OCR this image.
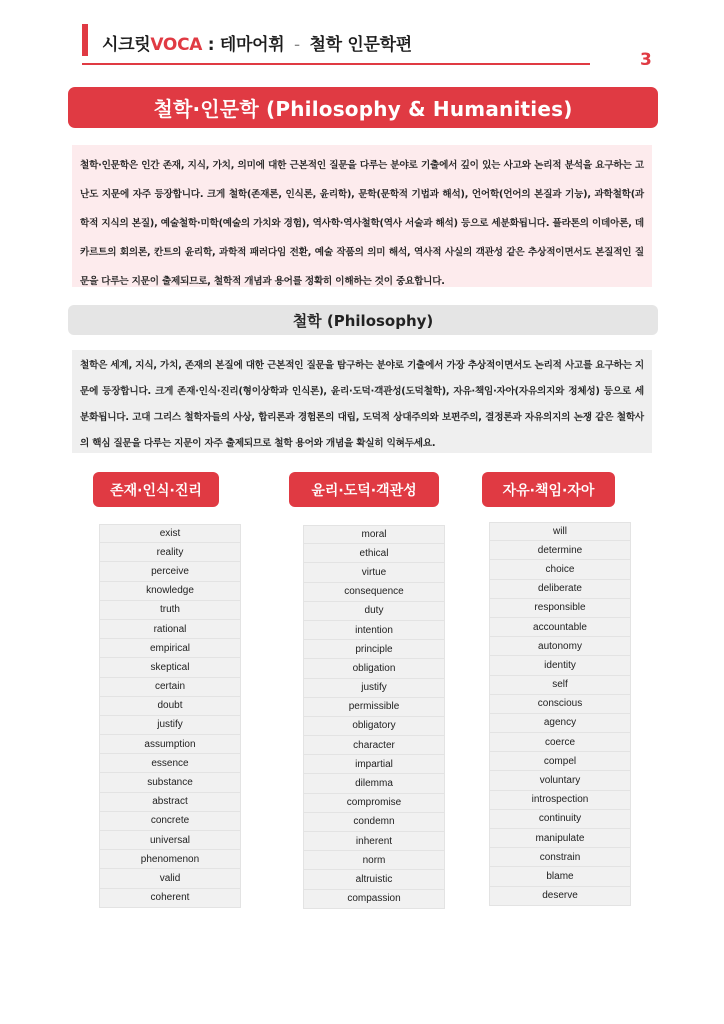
시크릿VOCA : 테마어휘 - 철학 인문학편
3
철학·인문학 (Philosophy & Humanities)

철학·인문학은 인간 존재, 지식, 가치, 의미에 대한 근본적인 질문을 다루는 분야로 기출에서 깊이 있는 사고와 논리적 분석을 요구하는 고난도 지문에 자주 등장합니다. 크게 철학(존재론, 인식론, 윤리학), 문학(문학적 기법과 해석), 언어학(언어의 본질과 기능), 과학철학(과학적 지식의 본질), 예술철학·미학(예술의 가치와 경험), 역사학·역사철학(역사 서술과 해석) 등으로 세분화됩니다. 플라톤의 이데아론, 데카르트의 회의론, 칸트의 윤리학, 과학적 패러다임 전환, 예술 작품의 의미 해석, 역사적 사실의 객관성 같은 추상적이면서도 본질적인 질문을 다루는 지문이 출제되므로, 철학적 개념과 용어를 정확히 이해하는 것이 중요합니다.

철학 (Philosophy)

철학은 세계, 지식, 가치, 존재의 본질에 대한 근본적인 질문을 탐구하는 분야로 기출에서 가장 추상적이면서도 논리적 사고를 요구하는 지문에 등장합니다. 크게 존재·인식·진리(형이상학과 인식론), 윤리·도덕·객관성(도덕철학), 자유·책임·자아(자유의지와 정체성) 등으로 세분화됩니다. 고대 그리스 철학자들의 사상, 합리론과 경험론의 대립, 도덕적 상대주의와 보편주의, 결정론과 자유의지의 논쟁 같은 철학사의 핵심 질문을 다루는 지문이 자주 출제되므로 철학 용어와 개념을 확실히 익혀두세요.

존재·인식·진리	윤리·도덕·객관성	자유·책임·자아
exist
reality
perceive
knowledge
truth
rational
empirical
skeptical
certain
doubt
justify
assumption
essence
substance
abstract
concrete
universal
phenomenon
valid
coherent
moral
ethical
virtue
consequence
duty
intention
principle
obligation
justify
permissible
obligatory
character
impartial
dilemma
compromise
condemn
inherent
norm
altruistic
compassion
will
determine
choice
deliberate
responsible
accountable
autonomy
identity
self
conscious
agency
coerce
compel
voluntary
introspection
continuity
manipulate
constrain
blame
deserve
